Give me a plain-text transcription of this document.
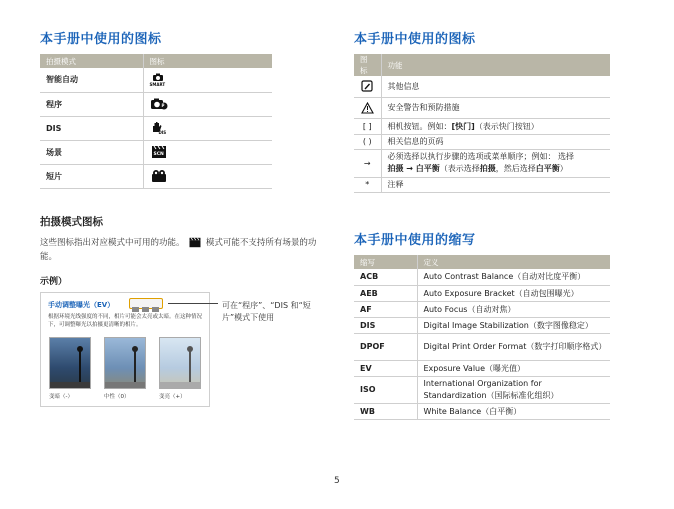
本手册中使用的图标
拍摄模式	图标
智能自动	SMART

程序	P

DIS	DIS

场景	SCN

短片	
拍摄模式图标
这些图标指出对应模式中可用的功能。	模式可能不支持所有场景的功能。
示例）
手动调整曝光（EV）
根据环境光线强度的不同，相片可能会太亮或太暗。在这种情况下，可调整曝光以拍摄更清晰的相片。
变暗（-）	中性（0）	变亮（+）
可在“程序”、“DIS 和“短片”模式下使用
本手册中使用的图标
图标	功能
	其他信息
	安全警告和预防措施
[ ]	相机按钮。例如：[快门]（表示快门按钮）
( )	相关信息的页码
→	必须选择以执行步骤的选项或菜单顺序；例如： 选择
拍摄 → 白平衡（表示选择拍摄，然后选择白平衡）
*	注释
本手册中使用的缩写
缩写	定义
ACB	Auto Contrast Balance（自动对比度平衡）
AEB	Auto Exposure Bracket（自动包围曝光）
AF	Auto Focus（自动对焦）
DIS	Digital Image Stabilization（数字图像稳定）
DPOF	Digital Print Order Format（数字打印顺序格式）
EV	Exposure Value（曝光值）
ISO	International Organization for Standardization（国际标准化组织）
WB	White Balance（白平衡）
5
